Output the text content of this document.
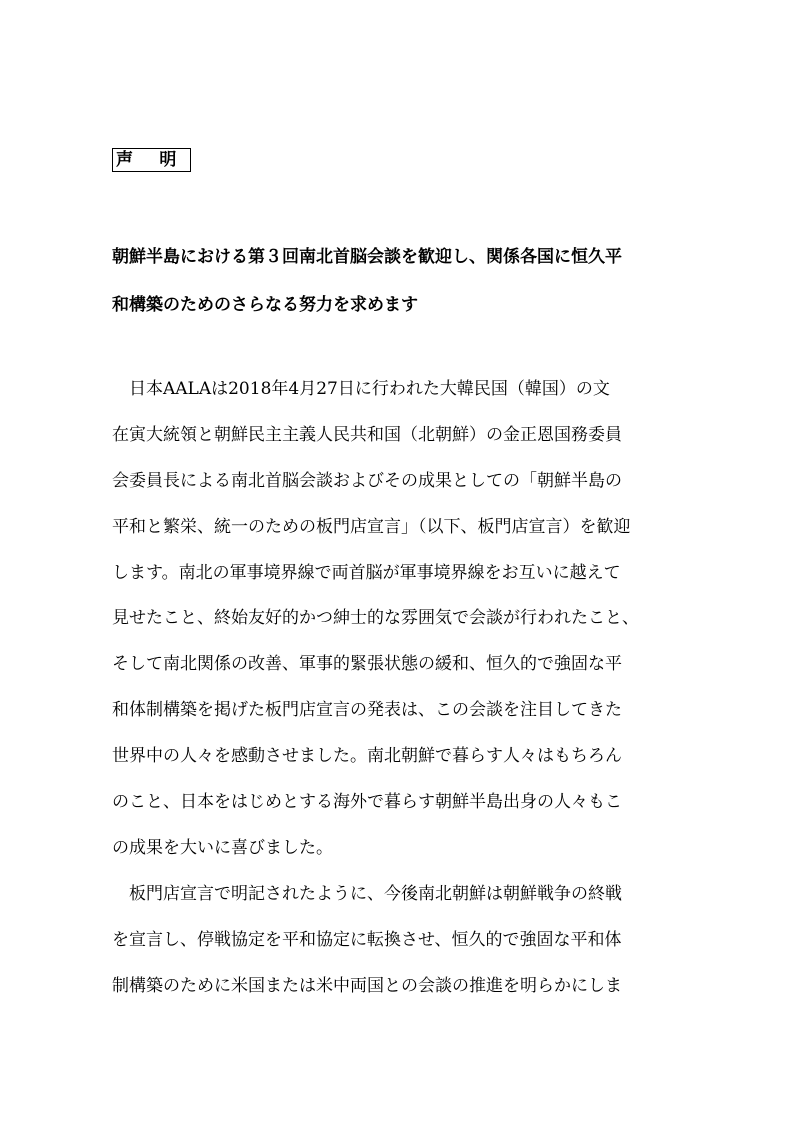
声 明
朝鮮半島における第３回南北首脳会談を歓迎し、関係各国に恒久平
和構築のためのさらなる努力を求めます
　日本AALAは2018年4月27日に行われた大韓民国（韓国）の文
在寅大統領と朝鮮民主主義人民共和国（北朝鮮）の金正恩国務委員
会委員長による南北首脳会談およびその成果としての「朝鮮半島の
平和と繁栄、統一のための板門店宣言」（以下、板門店宣言）を歓迎
します。南北の軍事境界線で両首脳が軍事境界線をお互いに越えて
見せたこと、終始友好的かつ紳士的な雰囲気で会談が行われたこと、
そして南北関係の改善、軍事的緊張状態の緩和、恒久的で強固な平
和体制構築を掲げた板門店宣言の発表は、この会談を注目してきた
世界中の人々を感動させました。南北朝鮮で暮らす人々はもちろん
のこと、日本をはじめとする海外で暮らす朝鮮半島出身の人々もこ
の成果を大いに喜びました。
　板門店宣言で明記されたように、今後南北朝鮮は朝鮮戦争の終戦
を宣言し、停戦協定を平和協定に転換させ、恒久的で強固な平和体
制構築のために米国または米中両国との会談の推進を明らかにしま
